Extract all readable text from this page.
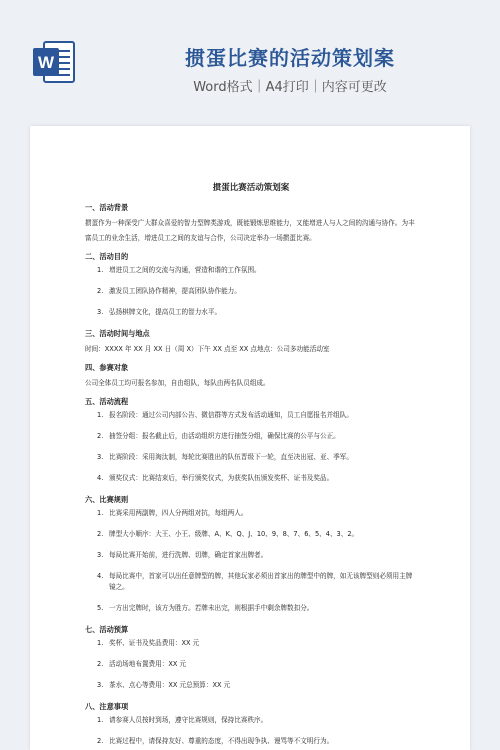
W	掼蛋比赛的活动策划案
Word格式｜A4打印｜内容可更改
掼蛋比赛活动策划案
一、活动背景

掼蛋作为一种深受广大群众喜爱的智力型牌类游戏，既能锻炼思维能力，又能增进人与人之间的沟通与协作。为丰富员工的业余生活，增进员工之间的友谊与合作，公司决定举办一场掼蛋比赛。

二、活动目的
1. 增进员工之间的交流与沟通，营造和谐的工作氛围。
2. 激发员工团队协作精神，提高团队协作能力。
3. 弘扬棋牌文化，提高员工的智力水平。
三、活动时间与地点

时间：XXXX 年 XX 月 XX 日（周 X）下午 XX 点至 XX 点地点：公司多功能活动室

四、参赛对象

公司全体员工均可报名参加，自由组队，每队由两名队员组成。

五、活动流程
1. 报名阶段：通过公司内部公告、微信群等方式发布活动通知，员工自愿报名并组队。
2. 抽签分组：报名截止后，由活动组织方进行抽签分组，确保比赛的公平与公正。
3. 比赛阶段：采用淘汰制，每轮比赛胜出的队伍晋级下一轮，直至决出冠、亚、季军。
4. 颁奖仪式：比赛结束后，举行颁奖仪式，为获奖队伍颁发奖杯、证书及奖品。
六、比赛规则
1. 比赛采用两副牌，四人分两组对抗，每组两人。
2. 牌型大小顺序：大王、小王、级牌、A、K、Q、J、10、9、8、7、6、5、4、3、2。
3. 每局比赛开始前，进行洗牌、切牌，确定首家出牌者。
4. 每局比赛中，首家可以出任意牌型的牌，其他玩家必须出首家出的牌型中的牌，如无该牌型则必须用主牌镜之。
5. 一方出完牌时，该方为胜方。若牌未出完，则根据手中剩余牌数扣分。
七、活动预算
1. 奖杯、证书及奖品费用：XX 元
2. 活动场地布置费用：XX 元
3. 茶水、点心等费用：XX 元总预算：XX 元
八、注意事项
1. 请参赛人员按时到场，遵守比赛规则，保持比赛秩序。
2. 比赛过程中，请保持友好、尊重的态度，不得出现争执、谩骂等不文明行为。
